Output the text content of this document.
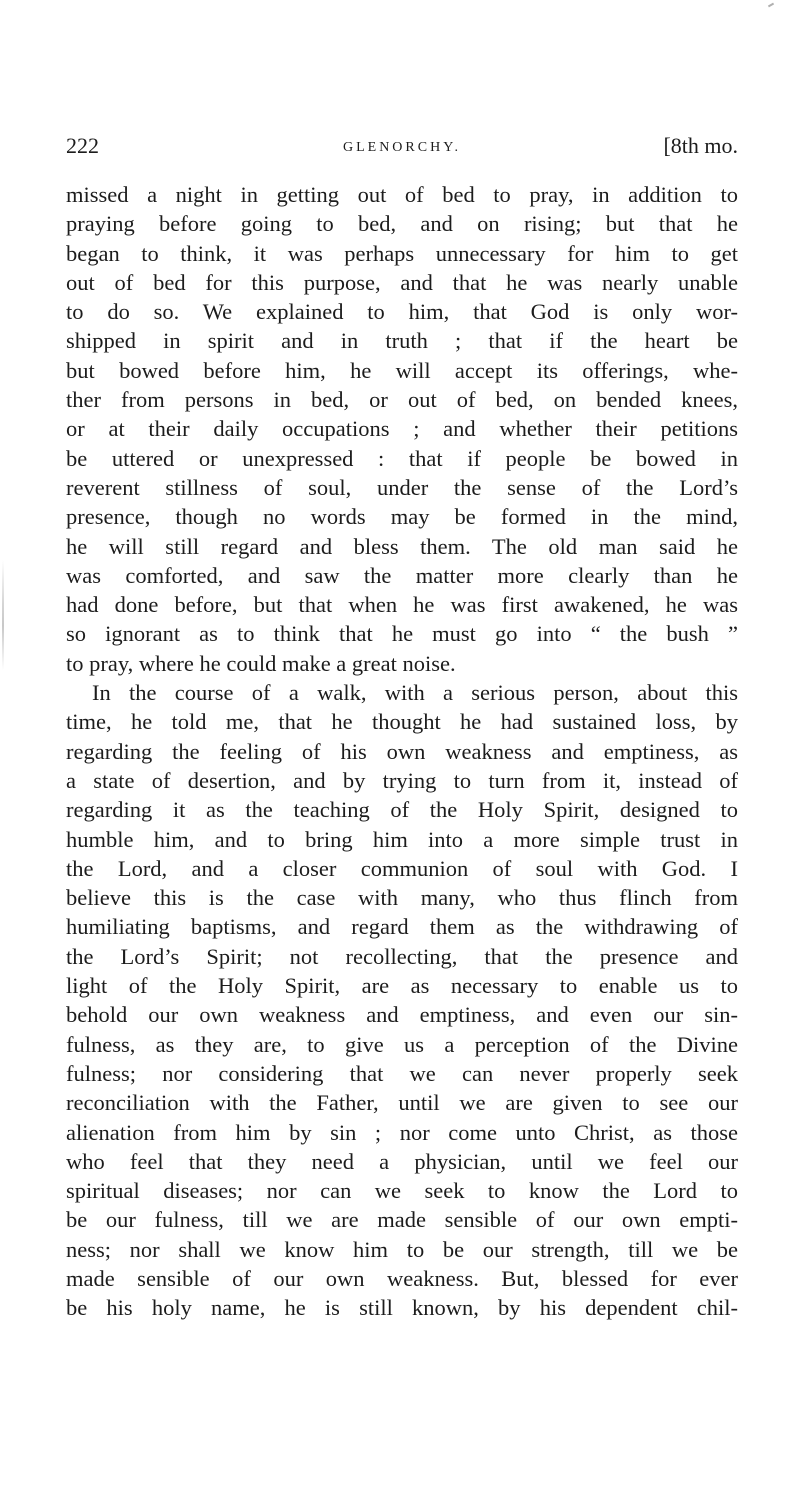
222	GLENORCHY.	[8th mo.
missed a night in getting out of bed to pray, in addition to
praying before going to bed, and on rising; but that he
began to think, it was perhaps unnecessary for him to get
out of bed for this purpose, and that he was nearly unable
to do so. We explained to him, that God is only wor-
shipped in spirit and in truth ; that if the heart be
but bowed before him, he will accept its offerings, whe-
ther from persons in bed, or out of bed, on bended knees,
or at their daily occupations ; and whether their petitions
be uttered or unexpressed : that if people be bowed in
reverent stillness of soul, under the sense of the Lord’s
presence, though no words may be formed in the mind,
he will still regard and bless them. The old man said he
was comforted, and saw the matter more clearly than he
had done before, but that when he was first awakened, he was
so ignorant as to think that he must go into “ the bush ”
to pray, where he could make a great noise.
In the course of a walk, with a serious person, about this
time, he told me, that he thought he had sustained loss, by
regarding the feeling of his own weakness and emptiness, as
a state of desertion, and by trying to turn from it, instead of
regarding it as the teaching of the Holy Spirit, designed to
humble him, and to bring him into a more simple trust in
the Lord, and a closer communion of soul with God. I
believe this is the case with many, who thus flinch from
humiliating baptisms, and regard them as the withdrawing of
the Lord’s Spirit; not recollecting, that the presence and
light of the Holy Spirit, are as necessary to enable us to
behold our own weakness and emptiness, and even our sin-
fulness, as they are, to give us a perception of the Divine
fulness; nor considering that we can never properly seek
reconciliation with the Father, until we are given to see our
alienation from him by sin ; nor come unto Christ, as those
who feel that they need a physician, until we feel our
spiritual diseases; nor can we seek to know the Lord to
be our fulness, till we are made sensible of our own empti-
ness; nor shall we know him to be our strength, till we be
made sensible of our own weakness. But, blessed for ever
be his holy name, he is still known, by his dependent chil-
